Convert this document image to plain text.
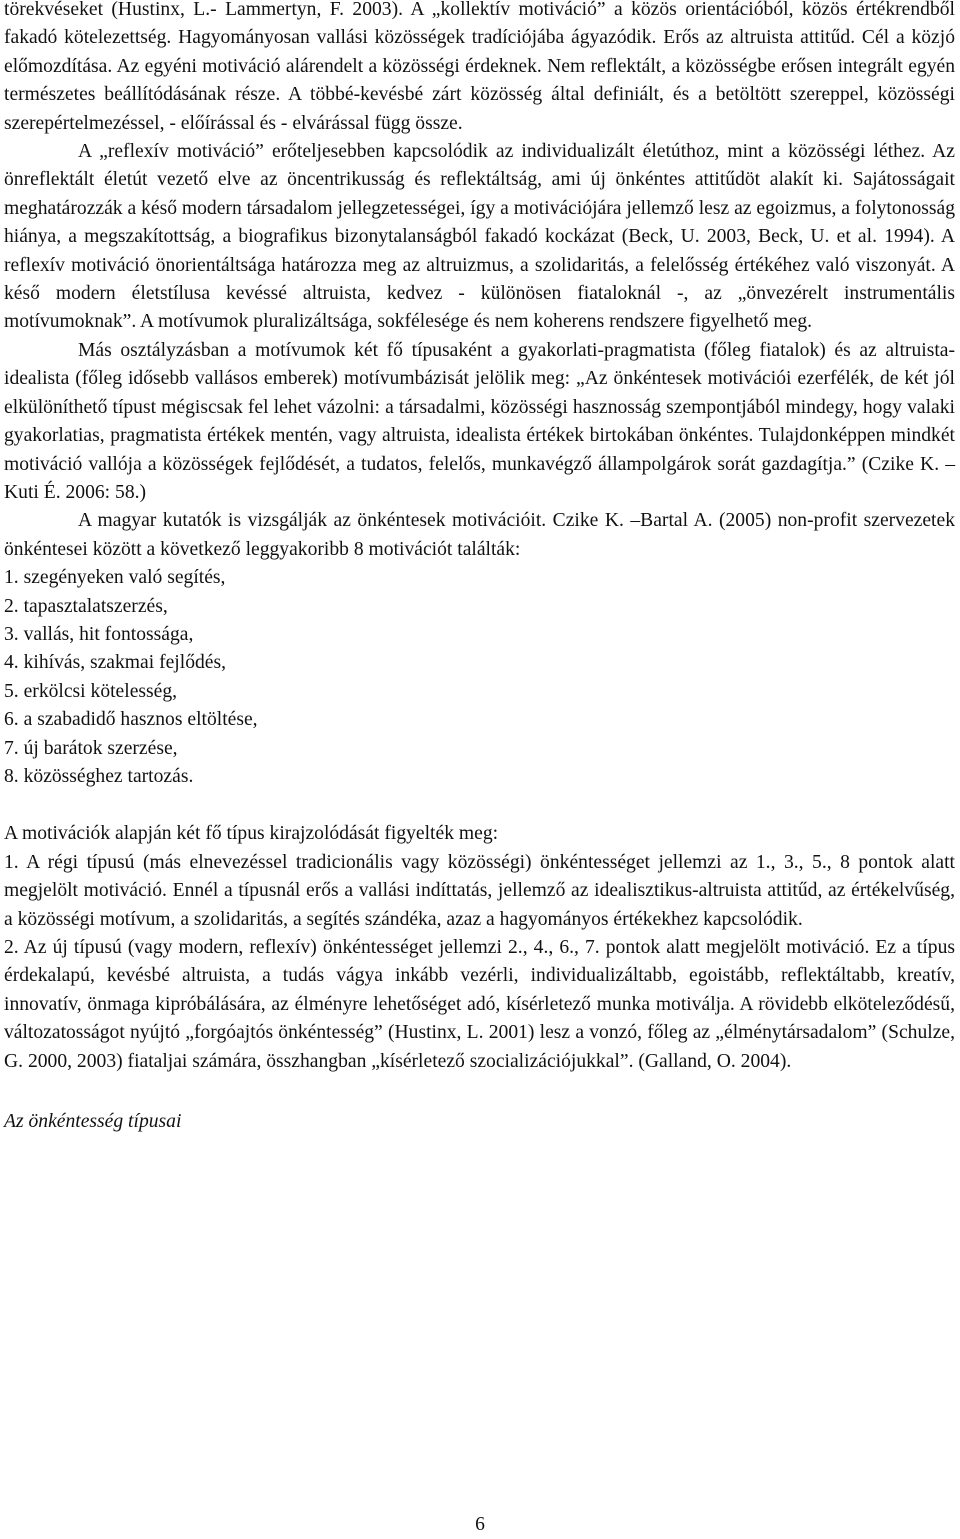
törekvéseket (Hustinx, L.- Lammertyn, F. 2003). A „kollektív motiváció” a közös orientációból, közös értékrendből fakadó kötelezettség. Hagyományosan vallási közösségek tradíciójába ágyazódik. Erős az altruista attitűd. Cél a közjó előmozdítása. Az egyéni motiváció alárendelt a közösségi érdeknek. Nem reflektált, a közösségbe erősen integrált egyén természetes beállítódásának része. A többé-kevésbé zárt közösség által definiált, és a betöltött szereppel, közösségi szerepértelmezéssel, - előírással és - elvárással függ össze.

A „reflexív motiváció” erőteljesebben kapcsolódik az individualizált életúthoz, mint a közösségi léthez. Az önreflektált életút vezető elve az öncentrikusság és reflektáltság, ami új önkéntes attitűdöt alakít ki. Sajátosságait meghatározzák a késő modern társadalom jellegzetességei, így a motivációjára jellemző lesz az egoizmus, a folytonosság hiánya, a megszakítottság, a biografikus bizonytalanságból fakadó kockázat (Beck, U. 2003, Beck, U. et al. 1994). A reflexív motiváció önorientáltsága határozza meg az altruizmus, a szolidaritás, a felelősség értékéhez való viszonyát. A késő modern életstílusa kevéssé altruista, kedvez - különösen fiataloknál -, az „önvezérelt instrumentális motívumoknak”. A motívumok pluralizáltsága, sokfélesége és nem koherens rendszere figyelhető meg.

Más osztályzásban a motívumok két fő típusaként a gyakorlati-pragmatista (főleg fiatalok) és az altruista-idealista (főleg idősebb vallásos emberek) motívumbázisát jelölik meg: „Az önkéntesek motivációi ezerfélék, de két jól elkülöníthető típust mégiscsak fel lehet vázolni: a társadalmi, közösségi hasznosság szempontjából mindegy, hogy valaki gyakorlatias, pragmatista értékek mentén, vagy altruista, idealista értékek birtokában önkéntes. Tulajdonképpen mindkét motiváció vallója a közösségek fejlődését, a tudatos, felelős, munkavégző állampolgárok sorát gazdagítja.” (Czike K. – Kuti É. 2006: 58.)

A magyar kutatók is vizsgálják az önkéntesek motivációit. Czike K. –Bartal A. (2005) non-profit szervezetek önkéntesei között a következő leggyakoribb 8 motivációt találták:

1. szegényeken való segítés,
2. tapasztalatszerzés,
3. vallás, hit fontossága,
4. kihívás, szakmai fejlődés,
5. erkölcsi kötelesség,
6. a szabadidő hasznos eltöltése,
7. új barátok szerzése,
8. közösséghez tartozás.
A motivációk alapján két fő típus kirajzolódását figyelték meg:

1. A régi típusú (más elnevezéssel tradicionális vagy közösségi) önkéntességet jellemzi az 1., 3., 5., 8 pontok alatt megjelölt motiváció. Ennél a típusnál erős a vallási indíttatás, jellemző az idealisztikus-altruista attitűd, az értékelvűség, a közösségi motívum, a szolidaritás, a segítés szándéka, azaz a hagyományos értékekhez kapcsolódik.

2. Az új típusú (vagy modern, reflexív) önkéntességet jellemzi 2., 4., 6., 7. pontok alatt megjelölt motiváció. Ez a típus érdekalapú, kevésbé altruista, a tudás vágya inkább vezérli, individualizáltabb, egoistább, reflektáltabb, kreatív, innovatív, önmaga kipróbálására, az élményre lehetőséget adó, kísérletező munka motiválja. A rövidebb elköteleződésű, változatosságot nyújtó „forgóajtós önkéntesség” (Hustinx, L. 2001) lesz a vonzó, főleg az „élménytársadalom” (Schulze, G. 2000, 2003) fiataljai számára, összhangban „kísérletező szocializációjukkal”. (Galland, O. 2004).

Az önkéntesség típusai
6
